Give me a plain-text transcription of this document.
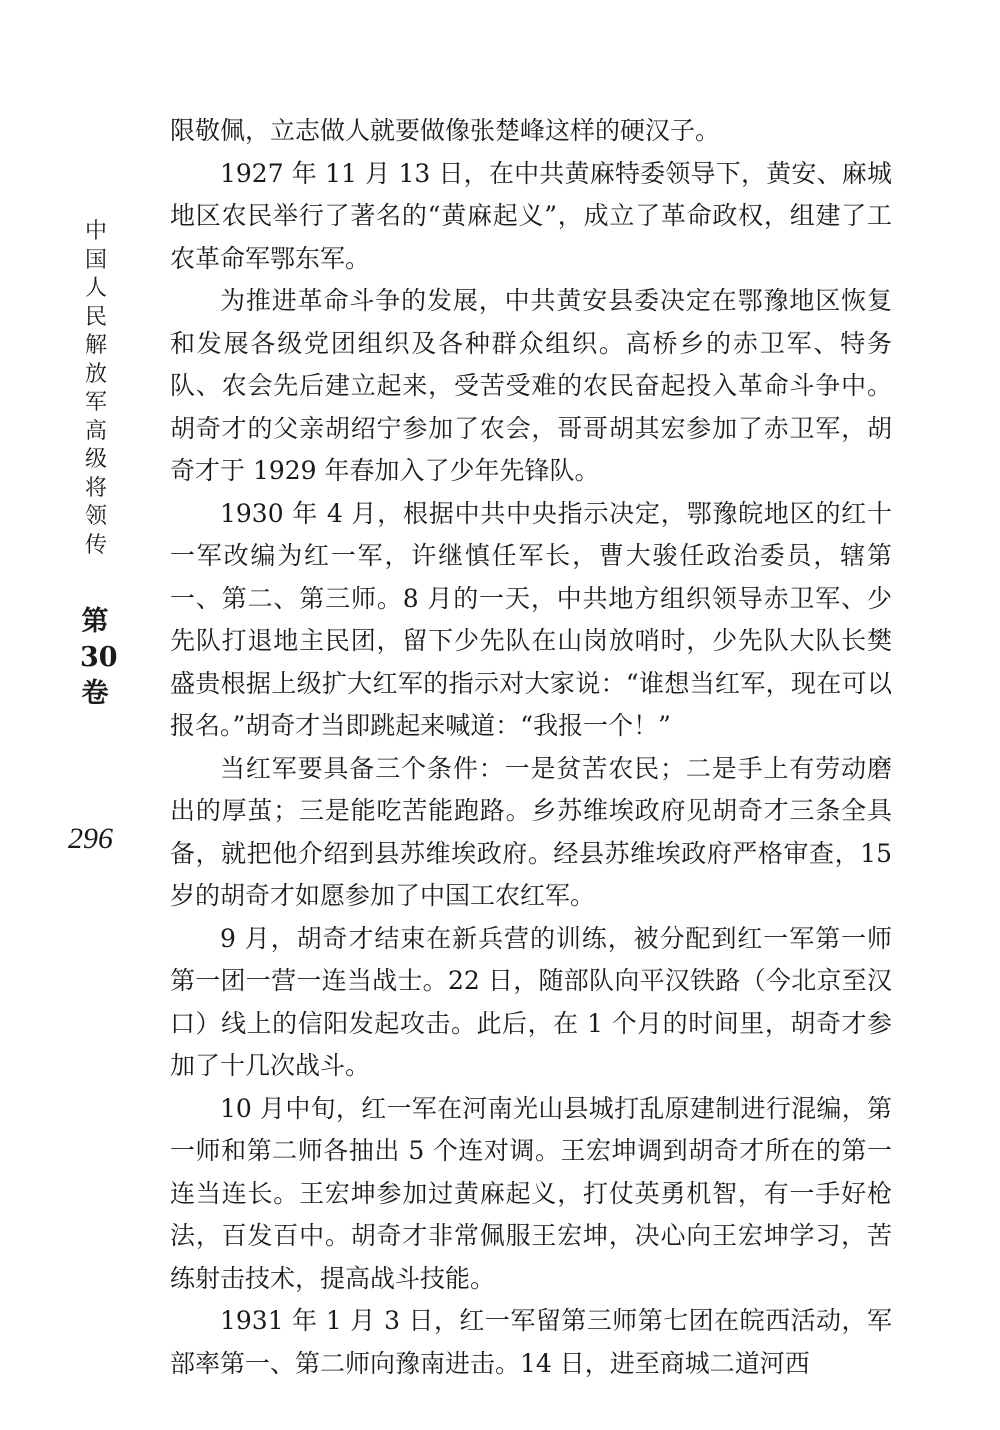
中国人民解放军高级将领传
第
30
卷
296

限敬佩，立志做人就要做像张楚峰这样的硬汉子。

1927 年 11 月 13 日，在中共黄麻特委领导下，黄安、麻城地区农民举行了著名的“黄麻起义”，成立了革命政权，组建了工农革命军鄂东军。

为推进革命斗争的发展，中共黄安县委决定在鄂豫地区恢复和发展各级党团组织及各种群众组织。高桥乡的赤卫军、特务队、农会先后建立起来，受苦受难的农民奋起投入革命斗争中。胡奇才的父亲胡绍宁参加了农会，哥哥胡其宏参加了赤卫军，胡奇才于 1929 年春加入了少年先锋队。

1930 年 4 月，根据中共中央指示决定，鄂豫皖地区的红十一军改编为红一军，许继慎任军长，曹大骏任政治委员，辖第一、第二、第三师。8 月的一天，中共地方组织领导赤卫军、少先队打退地主民团，留下少先队在山岗放哨时，少先队大队长樊盛贵根据上级扩大红军的指示对大家说：“谁想当红军，现在可以报名。”胡奇才当即跳起来喊道：“我报一个！”

当红军要具备三个条件：一是贫苦农民；二是手上有劳动磨出的厚茧；三是能吃苦能跑路。乡苏维埃政府见胡奇才三条全具备，就把他介绍到县苏维埃政府。经县苏维埃政府严格审查，15 岁的胡奇才如愿参加了中国工农红军。

9 月，胡奇才结束在新兵营的训练，被分配到红一军第一师第一团一营一连当战士。22 日，随部队向平汉铁路（今北京至汉口）线上的信阳发起攻击。此后，在 1 个月的时间里，胡奇才参加了十几次战斗。

10 月中旬，红一军在河南光山县城打乱原建制进行混编，第一师和第二师各抽出 5 个连对调。王宏坤调到胡奇才所在的第一连当连长。王宏坤参加过黄麻起义，打仗英勇机智，有一手好枪法，百发百中。胡奇才非常佩服王宏坤，决心向王宏坤学习，苦练射击技术，提高战斗技能。

1931 年 1 月 3 日，红一军留第三师第七团在皖西活动，军部率第一、第二师向豫南进击。14 日，进至商城二道河西
